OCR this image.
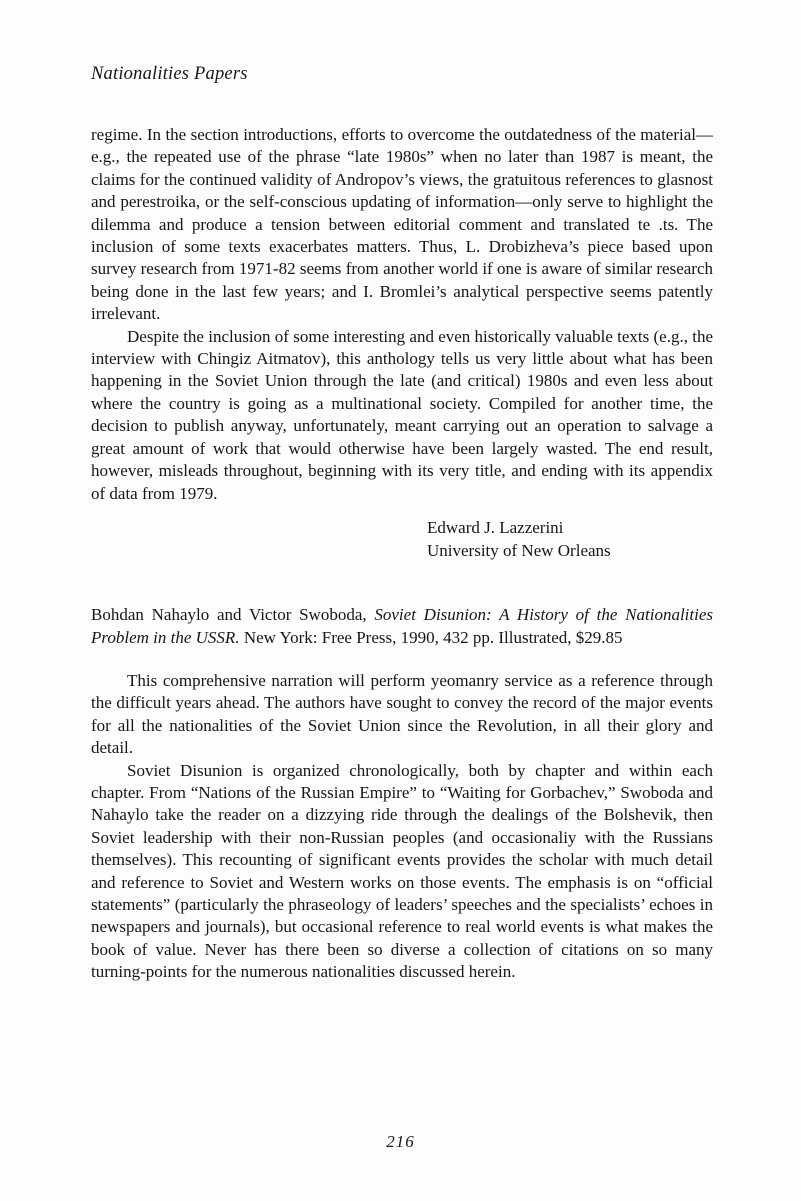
Nationalities Papers

regime. In the section introductions, efforts to overcome the outdatedness of the material—e.g., the repeated use of the phrase “late 1980s” when no later than 1987 is meant, the claims for the continued validity of Andropov’s views, the gratuitous references to glasnost and perestroika, or the self-conscious updating of information—only serve to highlight the dilemma and produce a tension between editorial comment and translated te .ts. The inclusion of some texts exacerbates matters. Thus, L. Drobizheva’s piece based upon survey research from 1971-82 seems from another world if one is aware of similar research being done in the last few years; and I. Bromlei’s analytical perspective seems patently irrelevant.

Despite the inclusion of some interesting and even historically valuable texts (e.g., the interview with Chingiz Aitmatov), this anthology tells us very little about what has been happening in the Soviet Union through the late (and critical) 1980s and even less about where the country is going as a multinational society. Compiled for another time, the decision to publish anyway, unfortunately, meant carrying out an operation to salvage a great amount of work that would otherwise have been largely wasted. The end result, however, misleads throughout, beginning with its very title, and ending with its appendix of data from 1979.

Edward J. Lazzerini
University of New Orleans

Bohdan Nahaylo and Victor Swoboda, Soviet Disunion: A History of the Nationalities Problem in the USSR. New York: Free Press, 1990, 432 pp. Illustrated, $29.85

This comprehensive narration will perform yeomanry service as a reference through the difficult years ahead. The authors have sought to convey the record of the major events for all the nationalities of the Soviet Union since the Revolution, in all their glory and detail.

Soviet Disunion is organized chronologically, both by chapter and within each chapter. From “Nations of the Russian Empire” to “Waiting for Gorbachev,” Swoboda and Nahaylo take the reader on a dizzying ride through the dealings of the Bolshevik, then Soviet leadership with their non-Russian peoples (and occasionaliy with the Russians themselves). This recounting of significant events provides the scholar with much detail and reference to Soviet and Western works on those events. The emphasis is on “official statements” (particularly the phraseology of leaders’ speeches and the specialists’ echoes in newspapers and journals), but occasional reference to real world events is what makes the book of value. Never has there been so diverse a collection of citations on so many turning-points for the numerous nationalities discussed herein.

216
